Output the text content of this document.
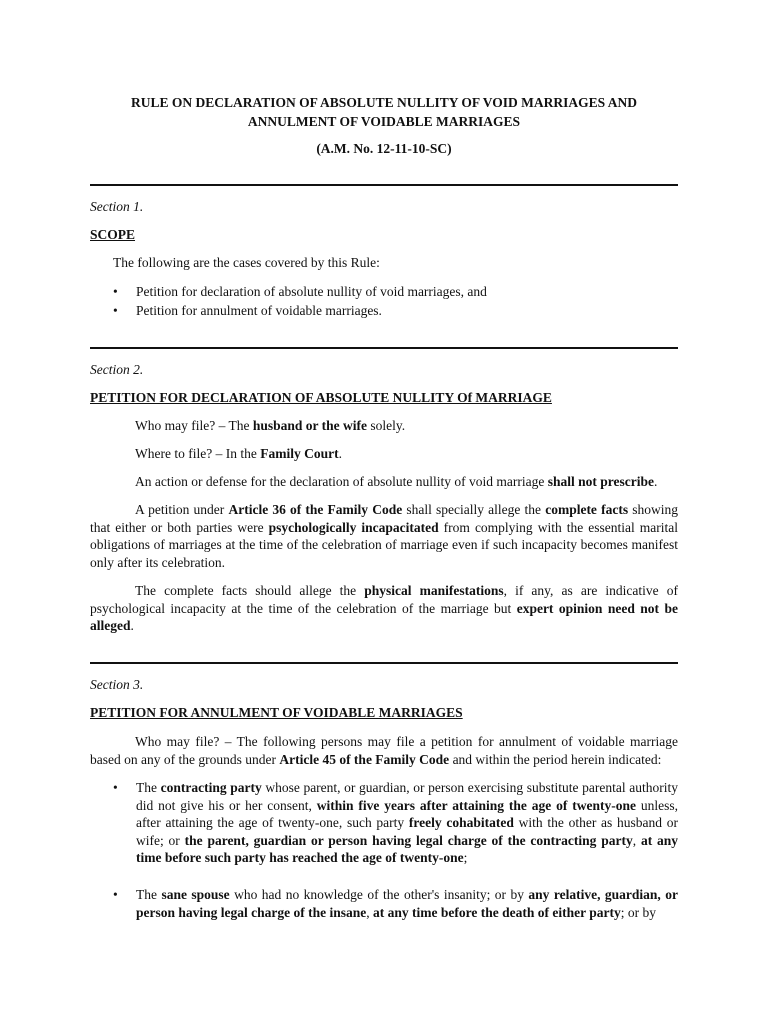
RULE ON DECLARATION OF ABSOLUTE NULLITY OF VOID MARRIAGES AND
ANNULMENT OF VOIDABLE MARRIAGES
(A.M. No. 12-11-10-SC)
Section 1.
SCOPE
The following are the cases covered by this Rule:
• Petition for declaration of absolute nullity of void marriages, and
• Petition for annulment of voidable marriages.
Section 2.
PETITION FOR DECLARATION OF ABSOLUTE NULLITY Of MARRIAGE
Who may file? – The husband or the wife solely.
Where to file? – In the Family Court.
An action or defense for the declaration of absolute nullity of void marriage shall not prescribe.
A petition under Article 36 of the Family Code shall specially allege the complete facts showing that either or both parties were psychologically incapacitated from complying with the essential marital obligations of marriages at the time of the celebration of marriage even if such incapacity becomes manifest only after its celebration.
The complete facts should allege the physical manifestations, if any, as are indicative of psychological incapacity at the time of the celebration of the marriage but expert opinion need not be alleged.
Section 3.
PETITION FOR ANNULMENT OF VOIDABLE MARRIAGES
Who may file? – The following persons may file a petition for annulment of voidable marriage based on any of the grounds under Article 45 of the Family Code and within the period herein indicated:
• The contracting party whose parent, or guardian, or person exercising substitute parental authority did not give his or her consent, within five years after attaining the age of twenty-one unless, after attaining the age of twenty-one, such party freely cohabitated with the other as husband or wife; or the parent, guardian or person having legal charge of the contracting party, at any time before such party has reached the age of twenty-one;
• The sane spouse who had no knowledge of the other's insanity; or by any relative, guardian, or person having legal charge of the insane, at any time before the death of either party; or by
